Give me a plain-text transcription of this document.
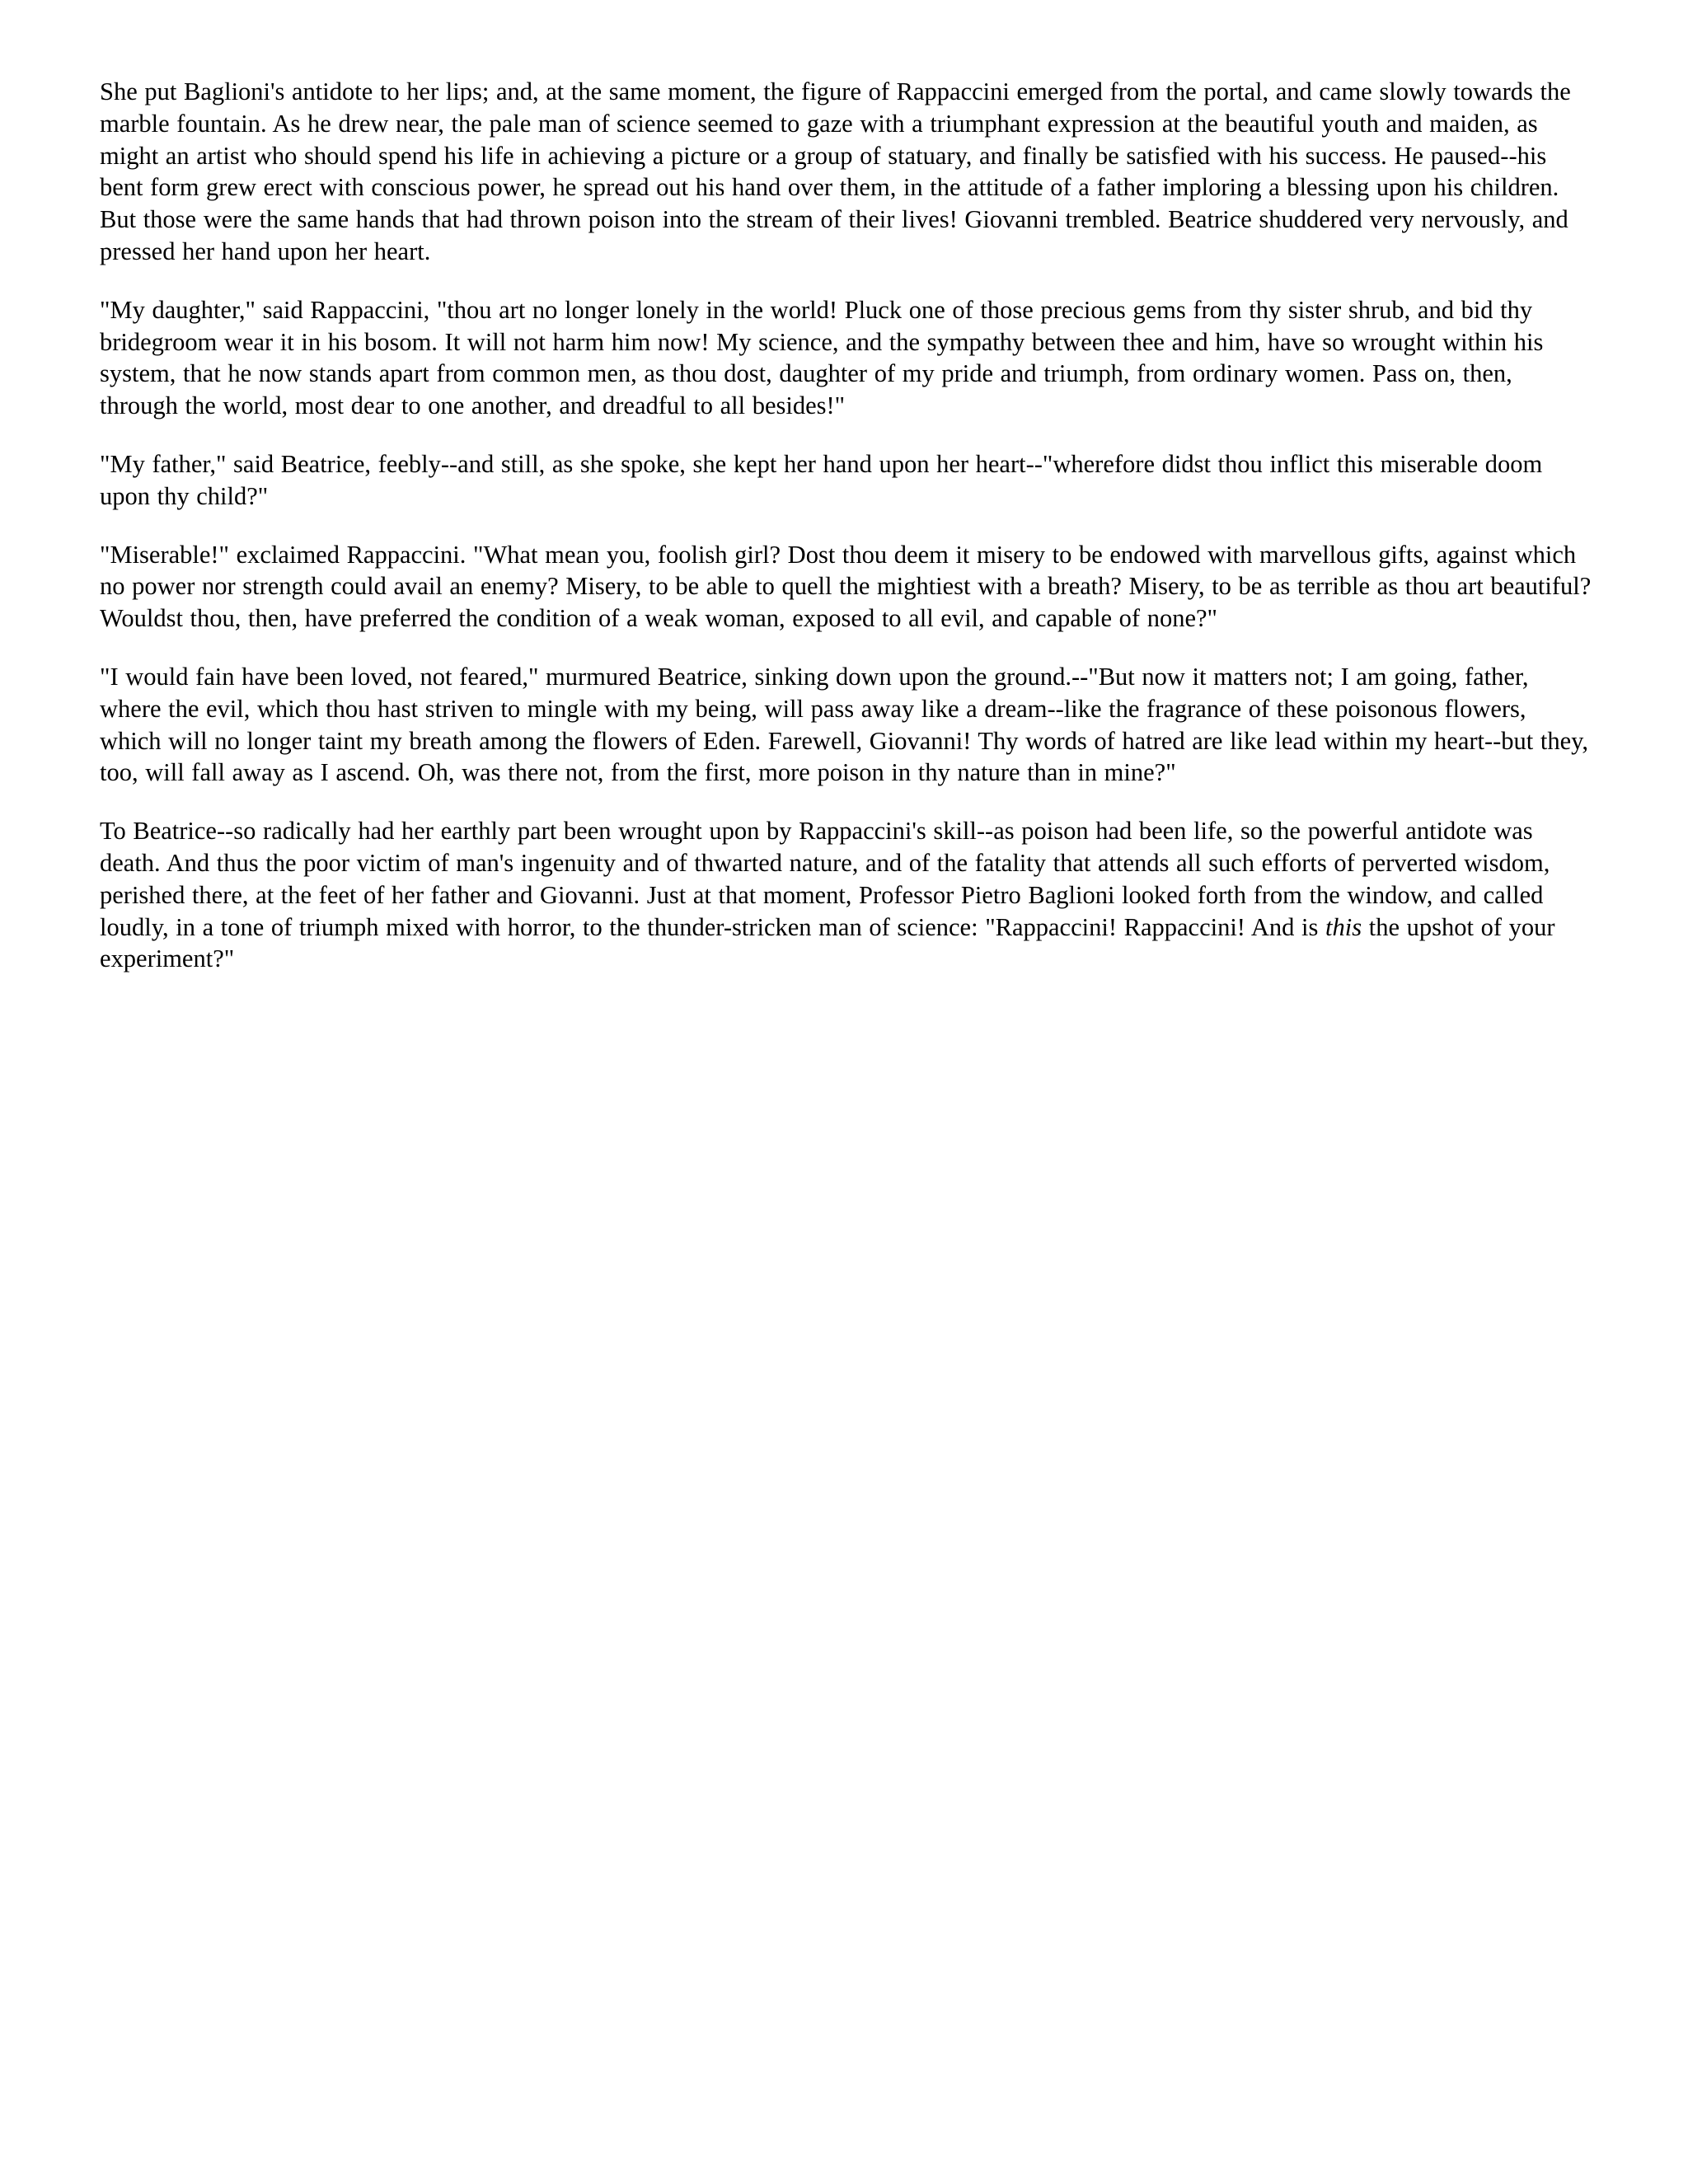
She put Baglioni's antidote to her lips; and, at the same moment, the figure of Rappaccini emerged from the portal, and came slowly towards the marble fountain. As he drew near, the pale man of science seemed to gaze with a triumphant expression at the beautiful youth and maiden, as might an artist who should spend his life in achieving a picture or a group of statuary, and finally be satisfied with his success. He paused--his bent form grew erect with conscious power, he spread out his hand over them, in the attitude of a father imploring a blessing upon his children. But those were the same hands that had thrown poison into the stream of their lives! Giovanni trembled. Beatrice shuddered very nervously, and pressed her hand upon her heart.

"My daughter," said Rappaccini, "thou art no longer lonely in the world! Pluck one of those precious gems from thy sister shrub, and bid thy bridegroom wear it in his bosom. It will not harm him now! My science, and the sympathy between thee and him, have so wrought within his system, that he now stands apart from common men, as thou dost, daughter of my pride and triumph, from ordinary women. Pass on, then, through the world, most dear to one another, and dreadful to all besides!"

"My father," said Beatrice, feebly--and still, as she spoke, she kept her hand upon her heart--"wherefore didst thou inflict this miserable doom upon thy child?"

"Miserable!" exclaimed Rappaccini. "What mean you, foolish girl? Dost thou deem it misery to be endowed with marvellous gifts, against which no power nor strength could avail an enemy? Misery, to be able to quell the mightiest with a breath? Misery, to be as terrible as thou art beautiful? Wouldst thou, then, have preferred the condition of a weak woman, exposed to all evil, and capable of none?"

"I would fain have been loved, not feared," murmured Beatrice, sinking down upon the ground.--"But now it matters not; I am going, father, where the evil, which thou hast striven to mingle with my being, will pass away like a dream--like the fragrance of these poisonous flowers, which will no longer taint my breath among the flowers of Eden. Farewell, Giovanni! Thy words of hatred are like lead within my heart--but they, too, will fall away as I ascend. Oh, was there not, from the first, more poison in thy nature than in mine?"

To Beatrice--so radically had her earthly part been wrought upon by Rappaccini's skill--as poison had been life, so the powerful antidote was death. And thus the poor victim of man's ingenuity and of thwarted nature, and of the fatality that attends all such efforts of perverted wisdom, perished there, at the feet of her father and Giovanni. Just at that moment, Professor Pietro Baglioni looked forth from the window, and called loudly, in a tone of triumph mixed with horror, to the thunder-stricken man of science: "Rappaccini! Rappaccini! And is this the upshot of your experiment?"
